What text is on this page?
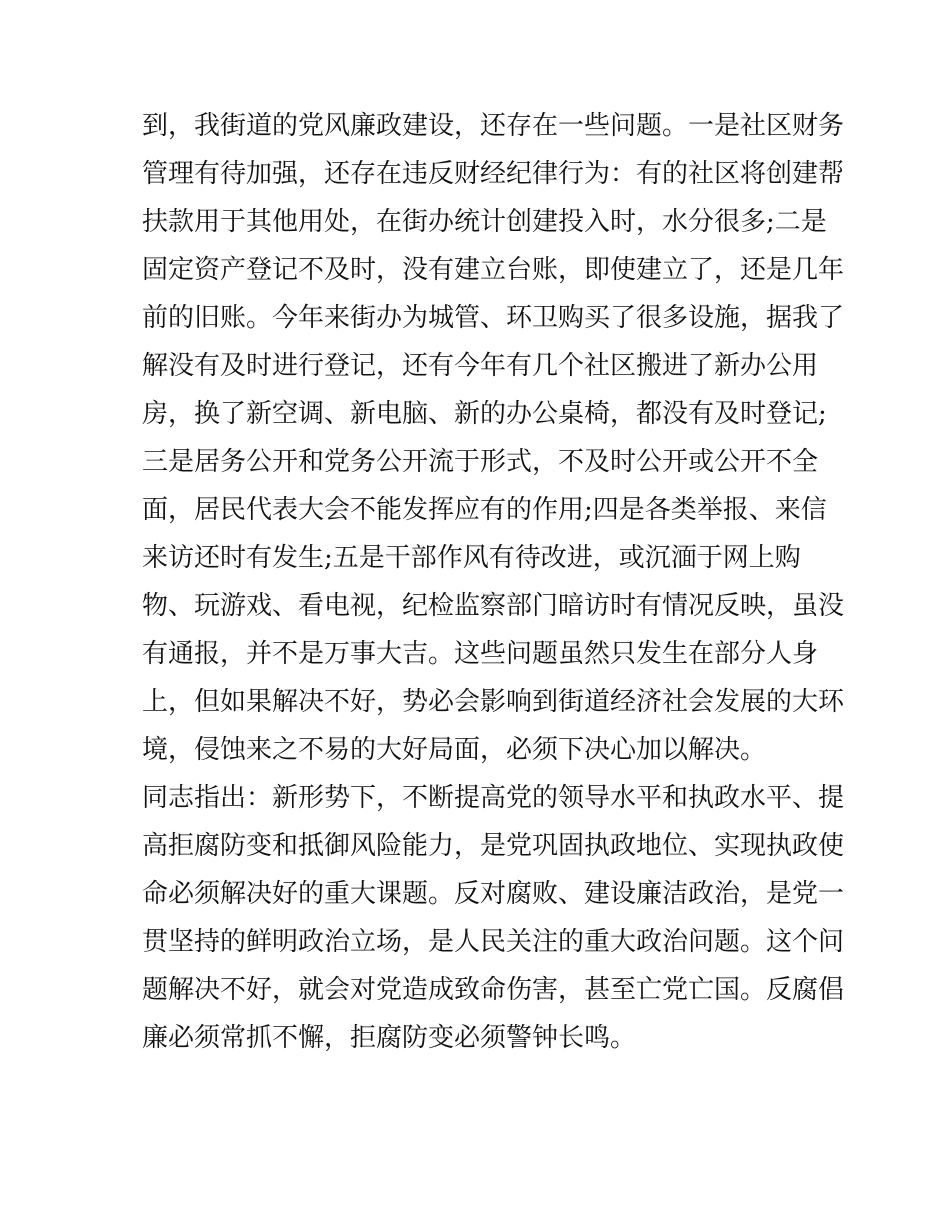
到，我街道的党风廉政建设，还存在一些问题。一是社区财务
管理有待加强，还存在违反财经纪律行为：有的社区将创建帮
扶款用于其他用处，在街办统计创建投入时，水分很多;二是
固定资产登记不及时，没有建立台账，即使建立了，还是几年
前的旧账。今年来街办为城管、环卫购买了很多设施，据我了
解没有及时进行登记，还有今年有几个社区搬进了新办公用
房，换了新空调、新电脑、新的办公桌椅，都没有及时登记;
三是居务公开和党务公开流于形式，不及时公开或公开不全
面，居民代表大会不能发挥应有的作用;四是各类举报、来信
来访还时有发生;五是干部作风有待改进，或沉湎于网上购
物、玩游戏、看电视，纪检监察部门暗访时有情况反映，虽没
有通报，并不是万事大吉。这些问题虽然只发生在部分人身
上，但如果解决不好，势必会影响到街道经济社会发展的大环
境，侵蚀来之不易的大好局面，必须下决心加以解决。
同志指出：新形势下，不断提高党的领导水平和执政水平、提
高拒腐防变和抵御风险能力，是党巩固执政地位、实现执政使
命必须解决好的重大课题。反对腐败、建设廉洁政治，是党一
贯坚持的鲜明政治立场，是人民关注的重大政治问题。这个问
题解决不好，就会对党造成致命伤害，甚至亡党亡国。反腐倡
廉必须常抓不懈，拒腐防变必须警钟长鸣。
